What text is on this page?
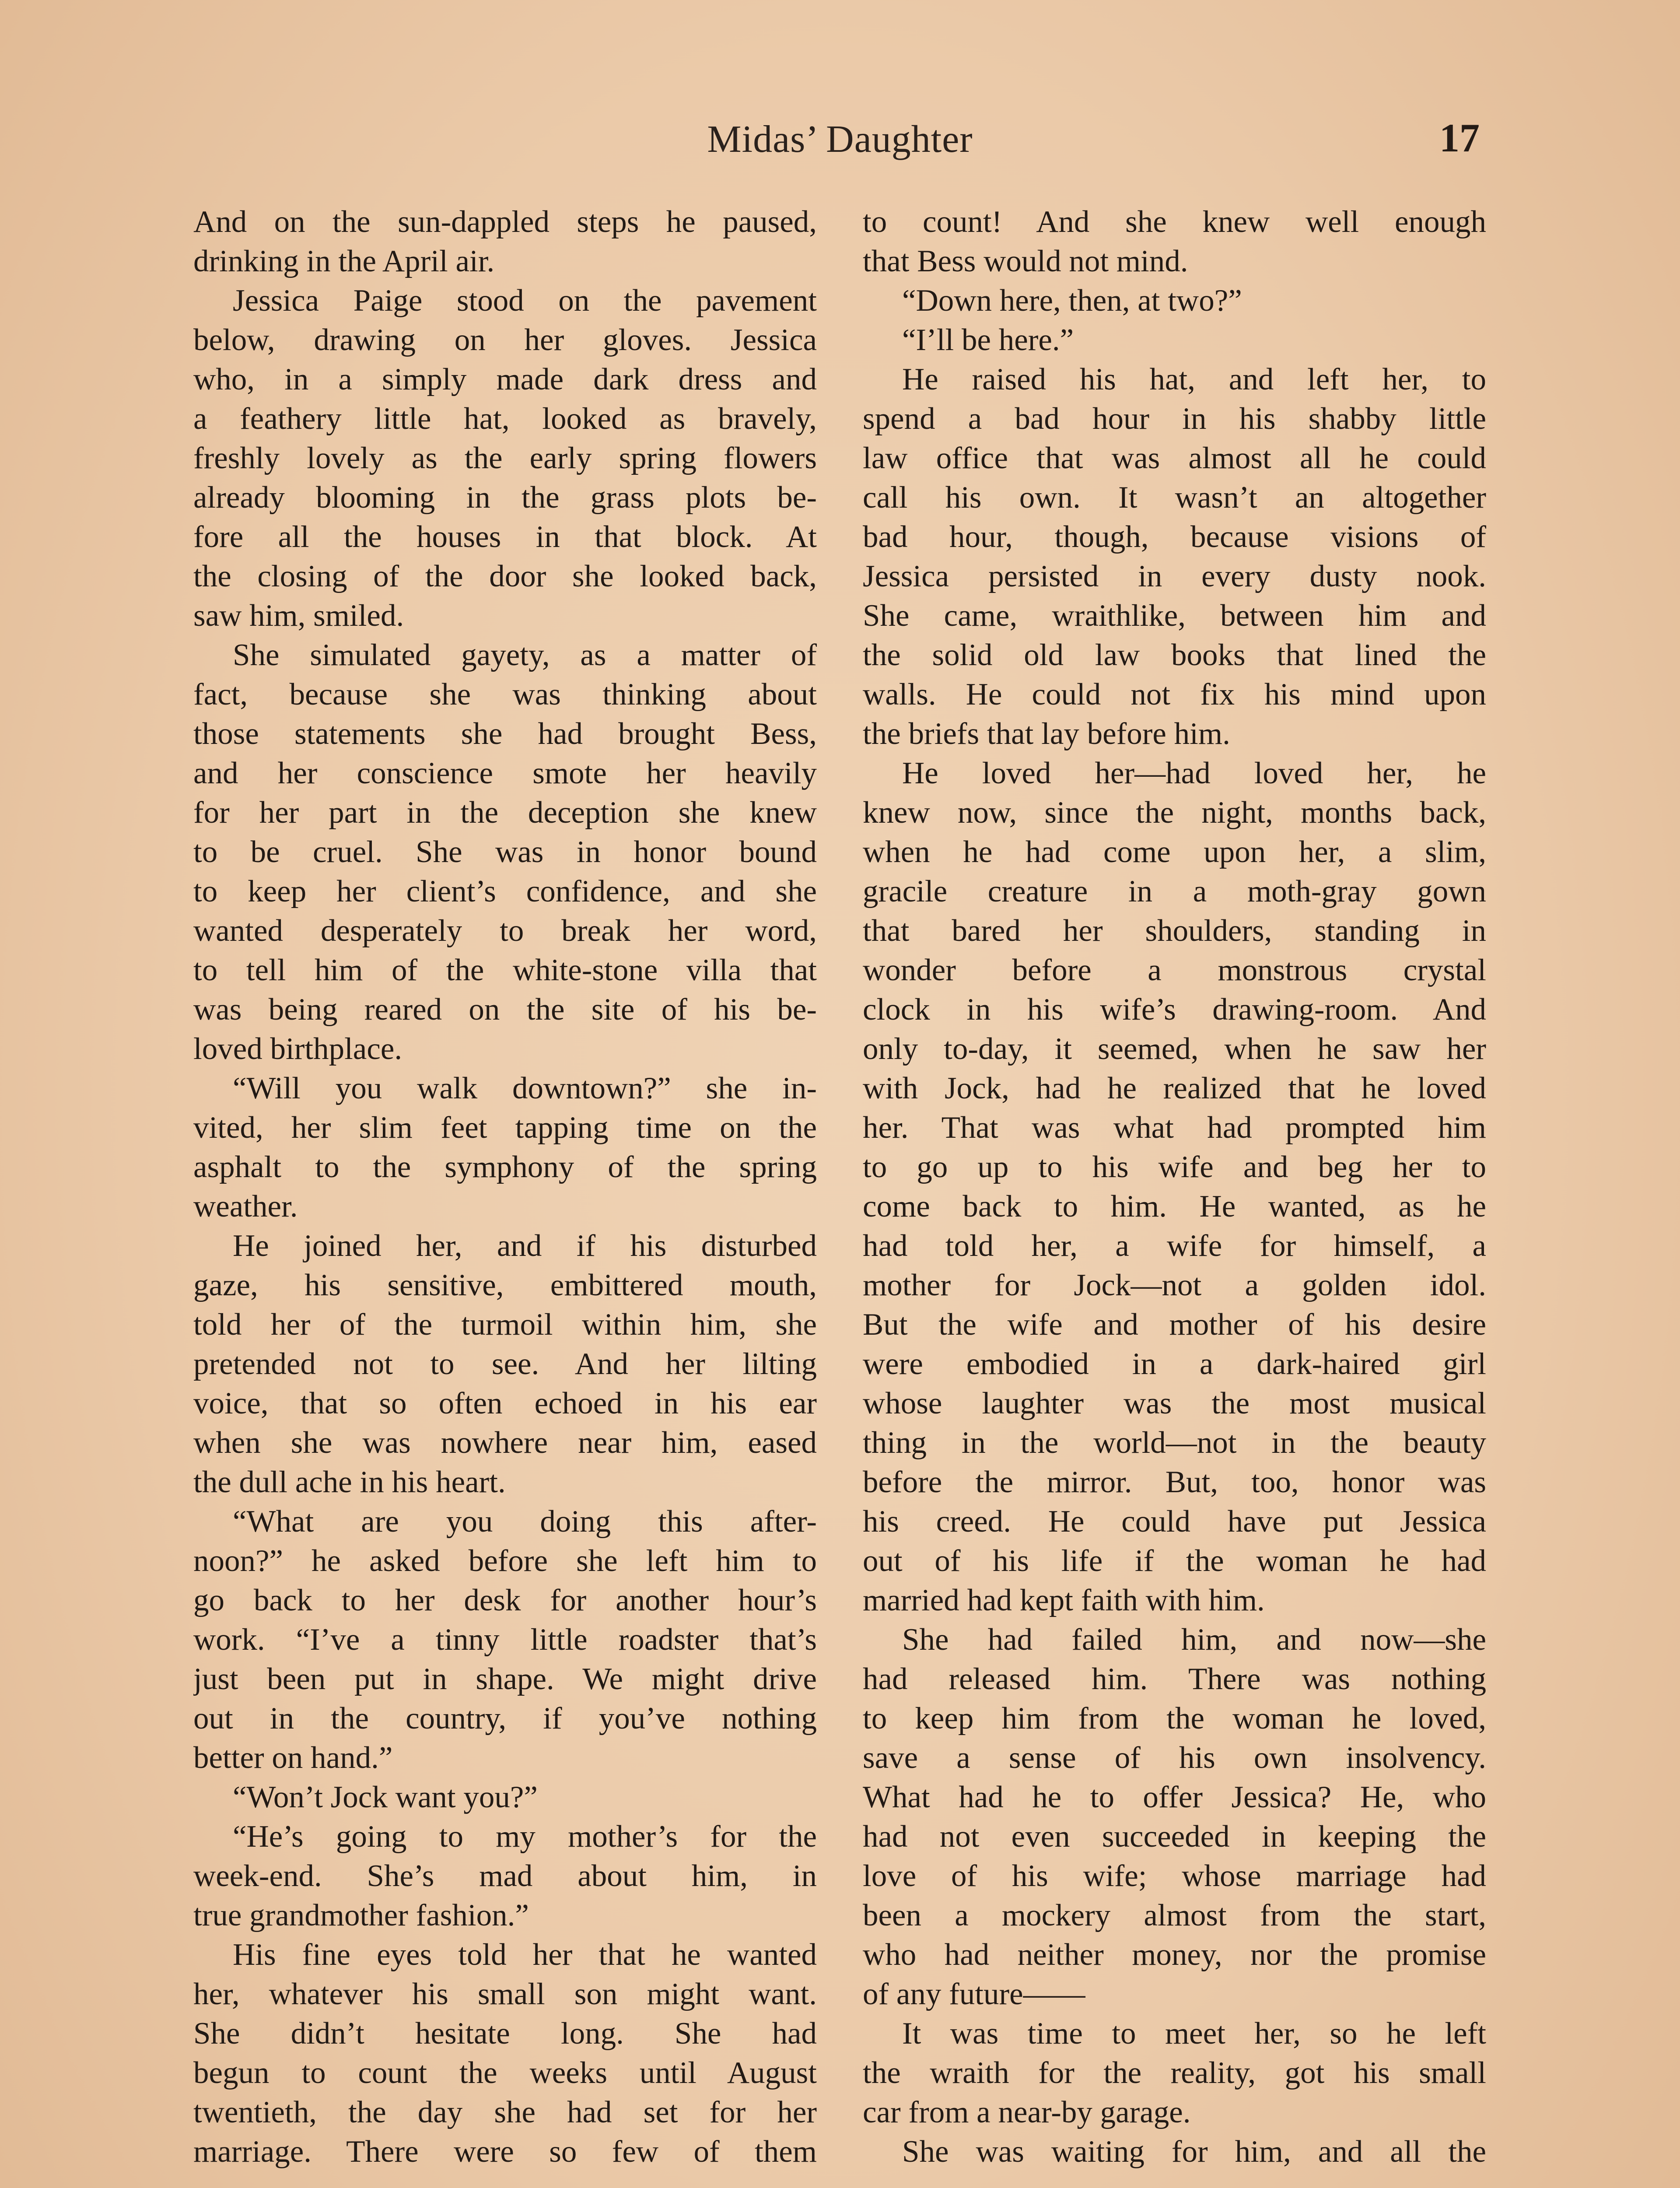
Midas’ Daughter	17
And on the sun-dappled steps he paused,
drinking in the April air.
Jessica Paige stood on the pavement
below, drawing on her gloves. Jessica
who, in a simply made dark dress and
a feathery little hat, looked as bravely,
freshly lovely as the early spring flowers
already blooming in the grass plots be-
fore all the houses in that block. At
the closing of the door she looked back,
saw him, smiled.
She simulated gayety, as a matter of
fact, because she was thinking about
those statements she had brought Bess,
and her conscience smote her heavily
for her part in the deception she knew
to be cruel. She was in honor bound
to keep her client’s confidence, and she
wanted desperately to break her word,
to tell him of the white-stone villa that
was being reared on the site of his be-
loved birthplace.
“Will you walk downtown?” she in-
vited, her slim feet tapping time on the
asphalt to the symphony of the spring
weather.
He joined her, and if his disturbed
gaze, his sensitive, embittered mouth,
told her of the turmoil within him, she
pretended not to see. And her lilting
voice, that so often echoed in his ear
when she was nowhere near him, eased
the dull ache in his heart.
“What are you doing this after-
noon?” he asked before she left him to
go back to her desk for another hour’s
work. “I’ve a tinny little roadster that’s
just been put in shape. We might drive
out in the country, if you’ve nothing
better on hand.”
“Won’t Jock want you?”
“He’s going to my mother’s for the
week-end. She’s mad about him, in
true grandmother fashion.”
His fine eyes told her that he wanted
her, whatever his small son might want.
She didn’t hesitate long. She had
begun to count the weeks until August
twentieth, the day she had set for her
marriage. There were so few of them
to count! And she knew well enough
that Bess would not mind.
“Down here, then, at two?”
“I’ll be here.”
He raised his hat, and left her, to
spend a bad hour in his shabby little
law office that was almost all he could
call his own. It wasn’t an altogether
bad hour, though, because visions of
Jessica persisted in every dusty nook.
She came, wraithlike, between him and
the solid old law books that lined the
walls. He could not fix his mind upon
the briefs that lay before him.
He loved her—had loved her, he
knew now, since the night, months back,
when he had come upon her, a slim,
gracile creature in a moth-gray gown
that bared her shoulders, standing in
wonder before a monstrous crystal
clock in his wife’s drawing-room. And
only to-day, it seemed, when he saw her
with Jock, had he realized that he loved
her. That was what had prompted him
to go up to his wife and beg her to
come back to him. He wanted, as he
had told her, a wife for himself, a
mother for Jock—not a golden idol.
But the wife and mother of his desire
were embodied in a dark-haired girl
whose laughter was the most musical
thing in the world—not in the beauty
before the mirror. But, too, honor was
his creed. He could have put Jessica
out of his life if the woman he had
married had kept faith with him.
She had failed him, and now—she
had released him. There was nothing
to keep him from the woman he loved,
save a sense of his own insolvency.
What had he to offer Jessica? He, who
had not even succeeded in keeping the
love of his wife; whose marriage had
been a mockery almost from the start,
who had neither money, nor the promise
of any future——
It was time to meet her, so he left
the wraith for the reality, got his small
car from a near-by garage.
She was waiting for him, and all the
